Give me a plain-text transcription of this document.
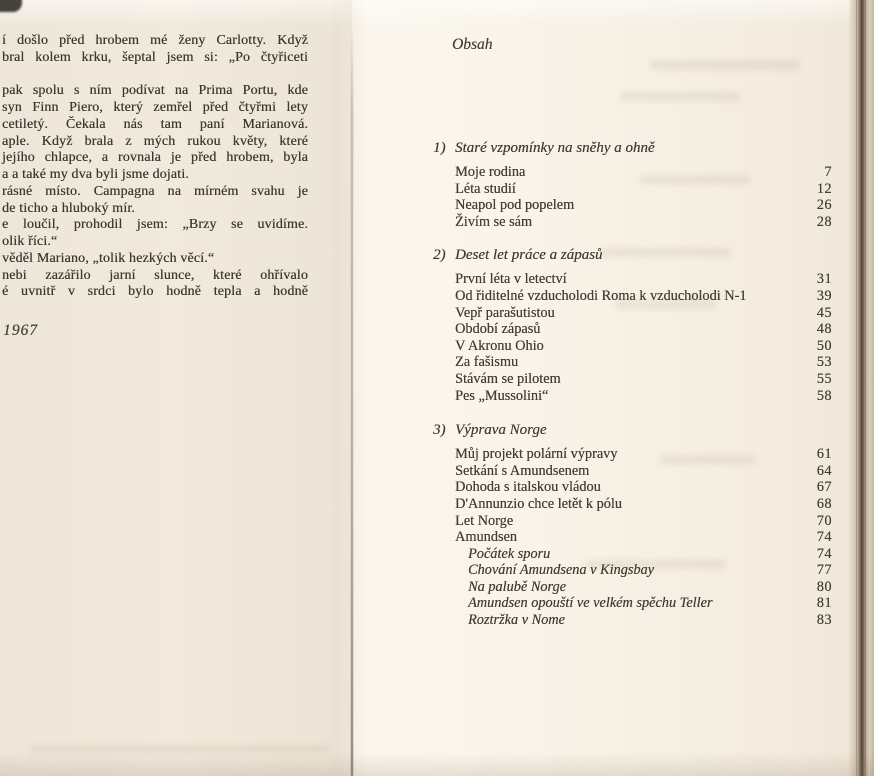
í došlo před hrobem mé ženy Carlotty. Když
bral kolem krku, šeptal jsem si: „Po čtyřiceti
pak spolu s ním podívat na Prima Portu, kde
syn Finn Piero, který zemřel před čtyřmi lety
cetiletý. Čekala nás tam paní Marianová.
aple. Když brala z mých rukou květy, které
jejího chlapce, a rovnala je před hrobem, byla
a a také my dva byli jsme dojati.
rásné místo. Campagna na mírném svahu je
de ticho a hluboký mír.
e loučil, prohodil jsem: „Brzy se uvidíme.
olik říci.“
věděl Mariano, „tolik hezkých věcí.“
nebi zazářilo jarní slunce, které ohřívalo
é uvnitř v srdci bylo hodně tepla a hodně
1967
Obsah
1) Staré vzpomínky na sněhy a ohně
Moje rodina	7
Léta studií	12
Neapol pod popelem	26
Živím se sám	28
2) Deset let práce a zápasů
První léta v letectví	31
Od řiditelné vzducholodi Roma k vzducholodi N-1	39
Vepř parašutistou	45
Období zápasů	48
V Akronu Ohio	50
Za fašismu	53
Stávám se pilotem	55
Pes „Mussolini“	58
3) Výprava Norge
Můj projekt polární výpravy	61
Setkání s Amundsenem	64
Dohoda s italskou vládou	67
D'Annunzio chce letět k pólu	68
Let Norge	70
Amundsen	74
Počátek sporu	74
Chování Amundsena v Kingsbay	77
Na palubě Norge	80
Amundsen opouští ve velkém spěchu Teller	81
Roztržka v Nome	83
